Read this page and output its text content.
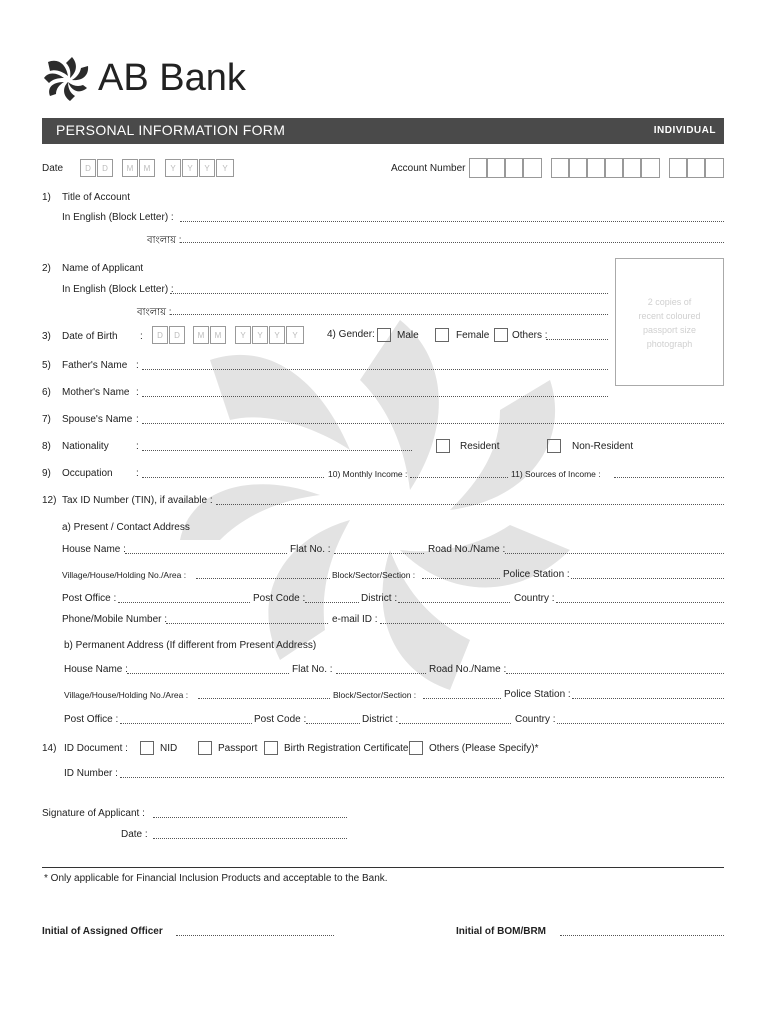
AB Bank
PERSONAL INFORMATION FORM	INDIVIDUAL
Date	D	D	M	M	Y	Y	Y	Y	Account Number
1) Title of Account
In English (Block Letter) :
বাংলায় :
2) Name of Applicant
In English (Block Letter) :
বাংলায় :
2 copies of
recent coloured
passport size
photograph
3) Date of Birth :	D	D	M	M	Y	Y	Y	Y	4) Gender: Male	Female Others :
5) Father's Name :
6) Mother's Name :
7) Spouse's Name :
8) Nationality	:	Resident	Non-Resident
9) Occupation :	10) Monthly Income :	11) Sources of Income :
12) Tax ID Number (TIN), if available :
a) Present / Contact Address
House Name :	Flat No. :	Road No./Name :
Village/House/Holding No./Area :	Block/Sector/Section :	Police Station :
Post Office :	Post Code :	District :	Country :
Phone/Mobile Number :	e-mail ID :
b) Permanent Address (If different from Present Address)
House Name :	Flat No. :	Road No./Name :
Village/House/Holding No./Area :	Block/Sector/Section :	Police Station :
Post Office :	Post Code :	District :	Country :
14) ID Document :	NID	Passport	Birth Registration Certificate Others (Please Specify)*
ID Number :
Signature of Applicant :
Date :
* Only applicable for Financial Inclusion Products and acceptable to the Bank.
Initial of Assigned Officer	Initial of BOM/BRM
